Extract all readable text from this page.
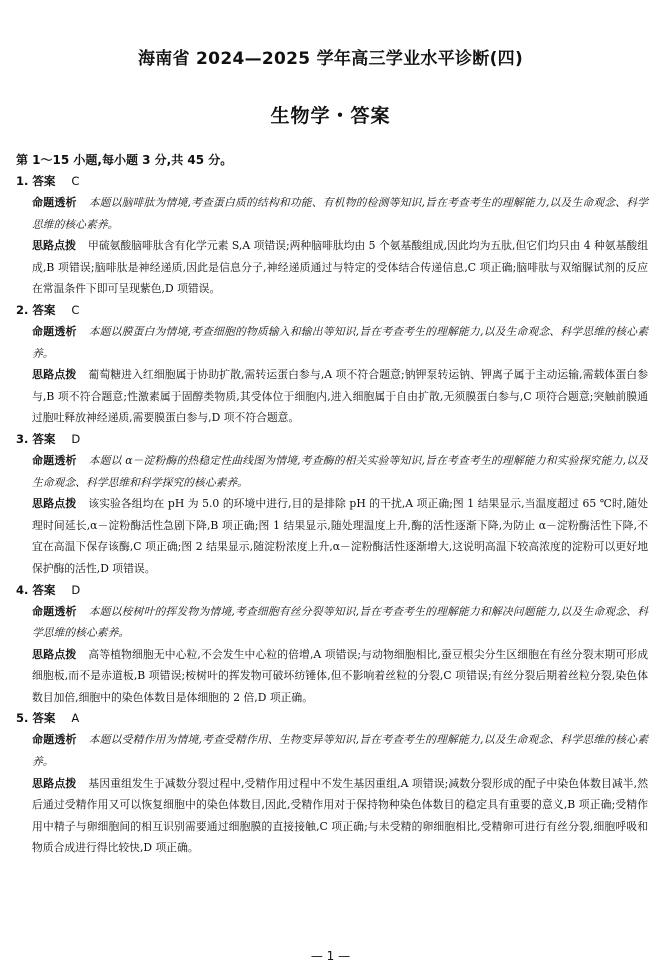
海南省 2024—2025 学年高三学业水平诊断(四)
生物学・答案
第 1～15 小题,每小题 3 分,共 45 分。
1. 答案 C
命题透析 本题以脑啡肽为情境,考查蛋白质的结构和功能、有机物的检测等知识,旨在考查考生的理解能力,以及生命观念、科学思维的核心素养。
思路点拨 甲硫氨酸脑啡肽含有化学元素 S,A 项错误;两种脑啡肽均由 5 个氨基酸组成,因此均为五肽,但它们均只由 4 种氨基酸组成,B 项错误;脑啡肽是神经递质,因此是信息分子,神经递质通过与特定的受体结合传递信息,C 项正确;脑啡肽与双缩脲试剂的反应在常温条件下即可呈现紫色,D 项错误。
2. 答案 C
命题透析 本题以膜蛋白为情境,考查细胞的物质输入和输出等知识,旨在考查考生的理解能力,以及生命观念、科学思维的核心素养。
思路点拨 葡萄糖进入红细胞属于协助扩散,需转运蛋白参与,A 项不符合题意;钠钾泵转运钠、钾离子属于主动运输,需载体蛋白参与,B 项不符合题意;性激素属于固醇类物质,其受体位于细胞内,进入细胞属于自由扩散,无须膜蛋白参与,C 项符合题意;突触前膜通过胞吐释放神经递质,需要膜蛋白参与,D 项不符合题意。
3. 答案 D
命题透析 本题以 α－淀粉酶的热稳定性曲线图为情境,考查酶的相关实验等知识,旨在考查考生的理解能力和实验探究能力,以及生命观念、科学思维和科学探究的核心素养。
思路点拨 该实验各组均在 pH 为 5.0 的环境中进行,目的是排除 pH 的干扰,A 项正确;图 1 结果显示,当温度超过 65 ℃时,随处理时间延长,α－淀粉酶活性急剧下降,B 项正确;图 1 结果显示,随处理温度上升,酶的活性逐渐下降,为防止 α－淀粉酶活性下降,不宜在高温下保存该酶,C 项正确;图 2 结果显示,随淀粉浓度上升,α－淀粉酶活性逐渐增大,这说明高温下较高浓度的淀粉可以更好地保护酶的活性,D 项错误。
4. 答案 D
命题透析 本题以桉树叶的挥发物为情境,考查细胞有丝分裂等知识,旨在考查考生的理解能力和解决问题能力,以及生命观念、科学思维的核心素养。
思路点拨 高等植物细胞无中心粒,不会发生中心粒的倍增,A 项错误;与动物细胞相比,蚕豆根尖分生区细胞在有丝分裂末期可形成细胞板,而不是赤道板,B 项错误;桉树叶的挥发物可破坏纺锤体,但不影响着丝粒的分裂,C 项错误;有丝分裂后期着丝粒分裂,染色体数目加倍,细胞中的染色体数目是体细胞的 2 倍,D 项正确。
5. 答案 A
命题透析 本题以受精作用为情境,考查受精作用、生物变异等知识,旨在考查考生的理解能力,以及生命观念、科学思维的核心素养。
思路点拨 基因重组发生于减数分裂过程中,受精作用过程中不发生基因重组,A 项错误;减数分裂形成的配子中染色体数目减半,然后通过受精作用又可以恢复细胞中的染色体数目,因此,受精作用对于保持物种染色体数目的稳定具有重要的意义,B 项正确;受精作用中精子与卵细胞间的相互识别需要通过细胞膜的直接接触,C 项正确;与未受精的卵细胞相比,受精卵可进行有丝分裂,细胞呼吸和物质合成进行得比较快,D 项正确。
— 1 —
